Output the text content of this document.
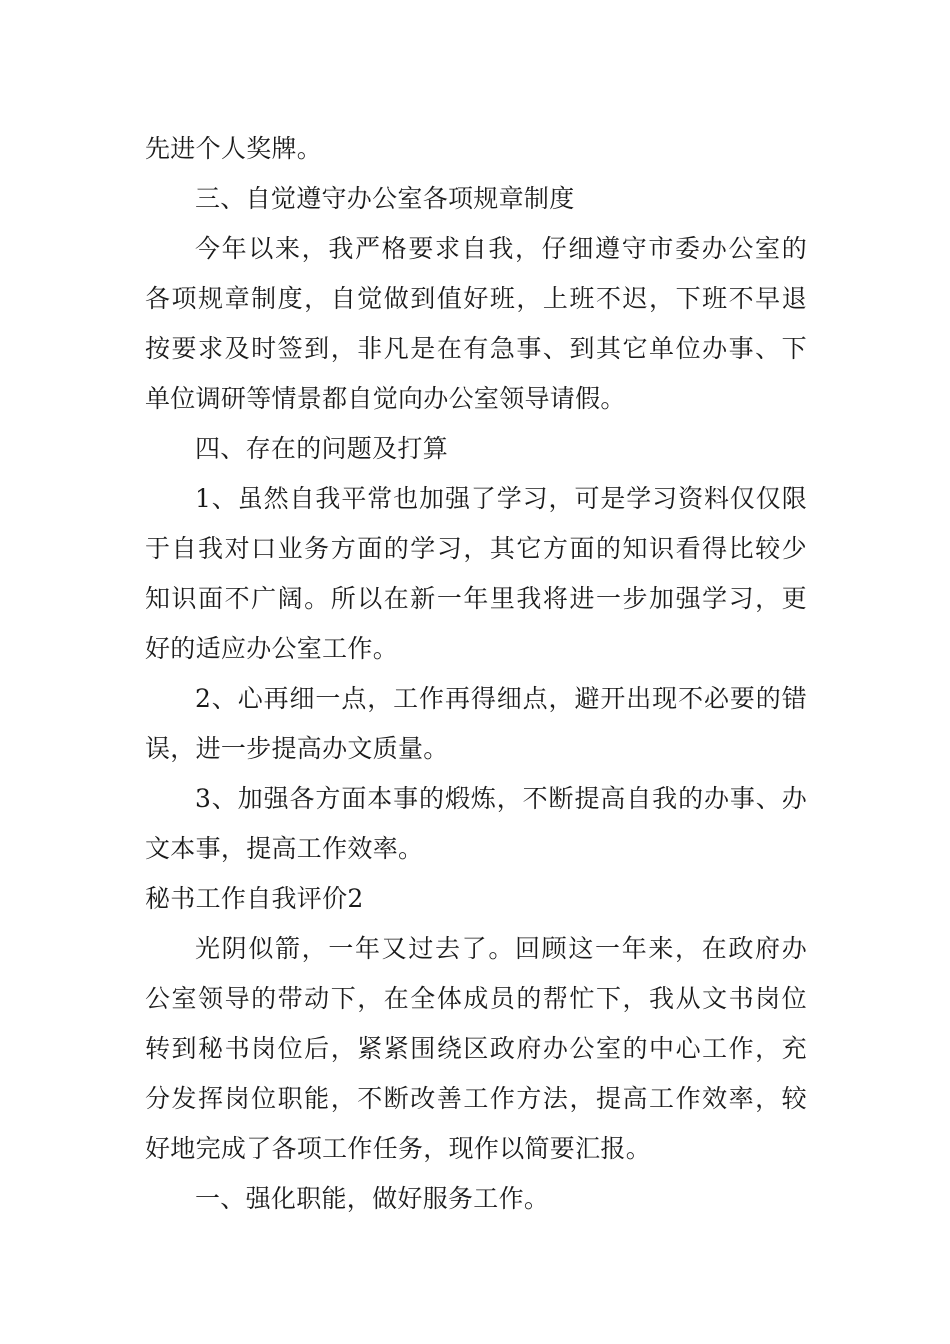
先进个人奖牌。
三、自觉遵守办公室各项规章制度
今年以来，我严格要求自我，仔细遵守市委办公室的
各项规章制度，自觉做到值好班，上班不迟，下班不早退
按要求及时签到，非凡是在有急事、到其它单位办事、下
单位调研等情景都自觉向办公室领导请假。
四、存在的问题及打算
1、虽然自我平常也加强了学习，可是学习资料仅仅限
于自我对口业务方面的学习，其它方面的知识看得比较少
知识面不广阔。所以在新一年里我将进一步加强学习，更
好的适应办公室工作。
2、心再细一点，工作再得细点，避开出现不必要的错
误，进一步提高办文质量。
3、加强各方面本事的煅炼，不断提高自我的办事、办
文本事，提高工作效率。
秘书工作自我评价2
光阴似箭，一年又过去了。回顾这一年来，在政府办
公室领导的带动下，在全体成员的帮忙下，我从文书岗位
转到秘书岗位后，紧紧围绕区政府办公室的中心工作，充
分发挥岗位职能，不断改善工作方法，提高工作效率，较
好地完成了各项工作任务，现作以简要汇报。
一、强化职能，做好服务工作。
